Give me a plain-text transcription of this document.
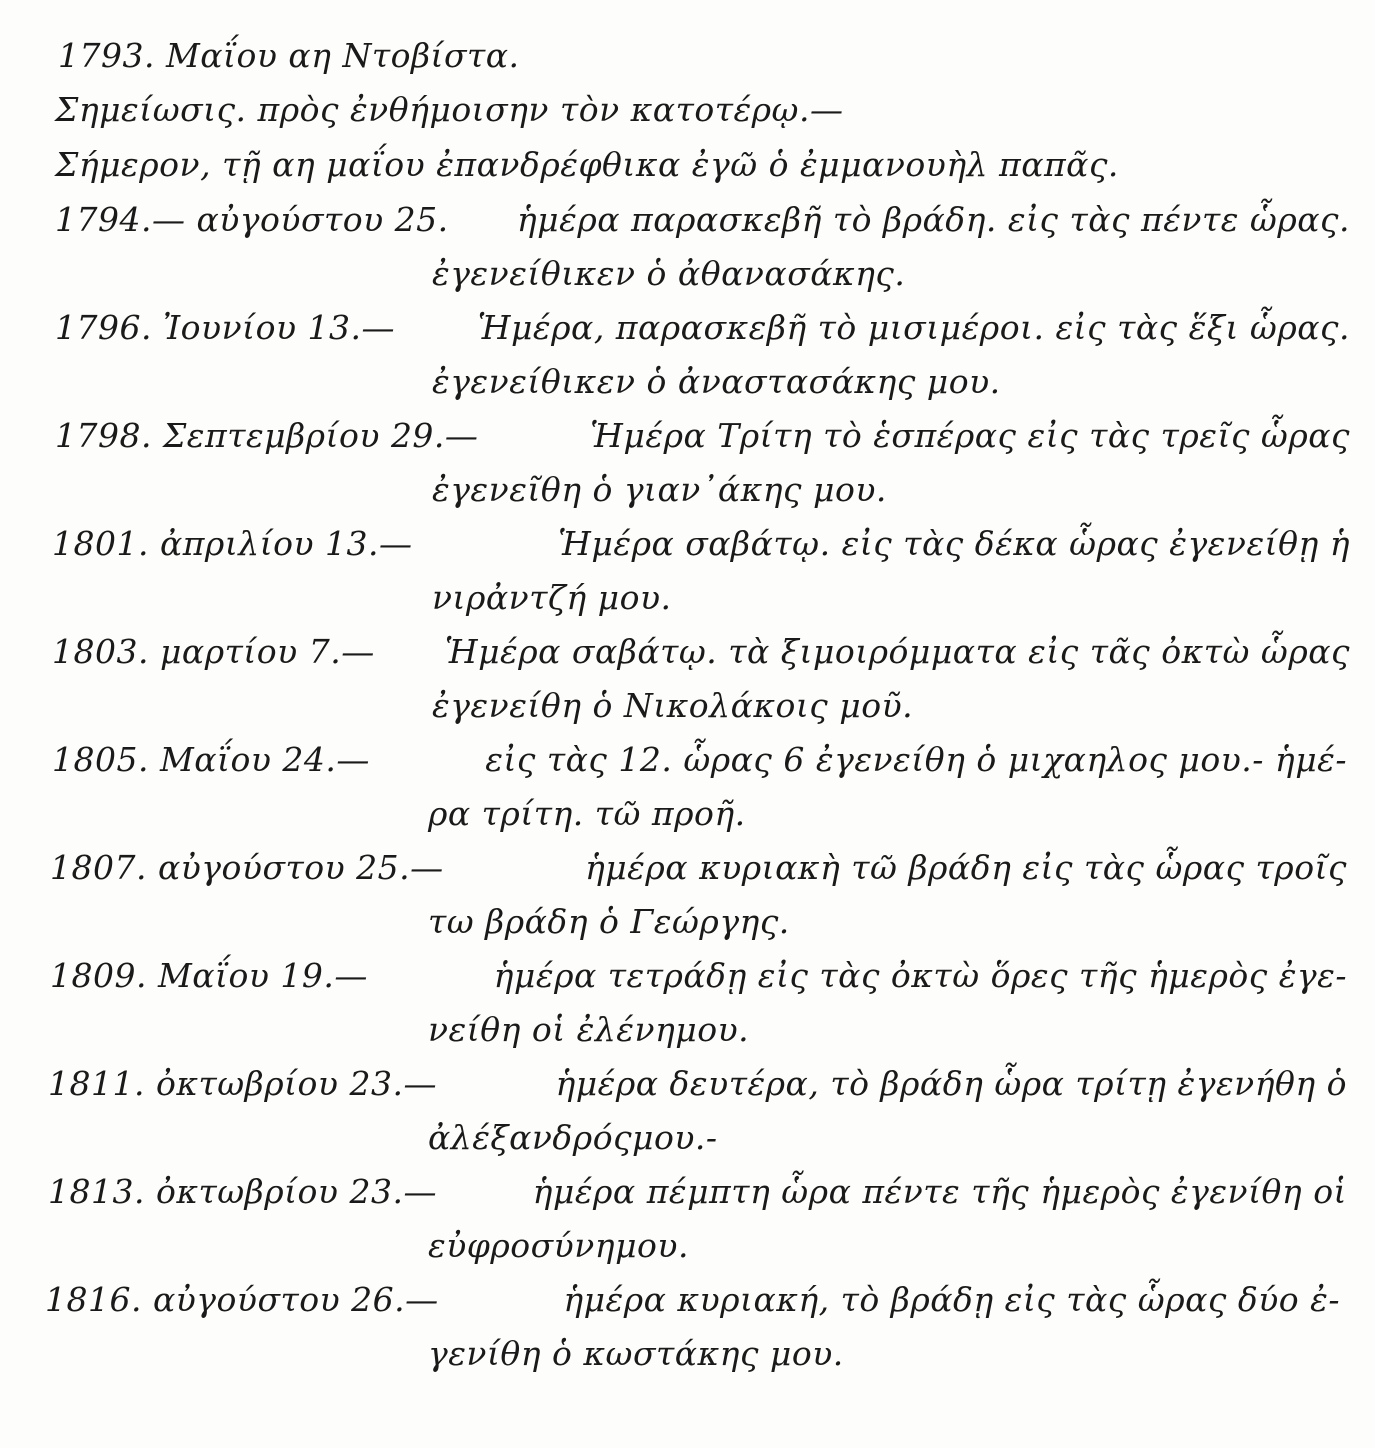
1793. Μαΐου αη Ντοβίστα.
Σημείωσις. πρὸς ἐνθήμοισην τὸν κατοτέρῳ.—
Σήμερον, τῇ αη μαΐου ἐπανδρέφθικα ἐγῶ ὁ ἐμμανουὴλ παπᾶς.
1794.— αὐγούστου 25. ἡμέρα παρασκεβῆ τὸ βράδη. εἰς τὰς πέντε ὧρας.
ἐγενείθικεν ὁ ἀθανασάκης.
1796. Ἰουνίου 13.—	Ἡμέρα, παρασκεβῆ τὸ μισιμέροι. εἰς τὰς ἕξι ὧρας.
ἐγενείθικεν ὁ ἀναστασάκης μου.
1798. Σεπτεμβρίου 29.—	Ἡμέρα Τρίτη τὸ ἑσπέρας εἰς τὰς τρεῖς ὧρας
ἐγενεῖθη ὁ γιαν᾽άκης μου.
1801. ἀπριλίου 13.—	Ἡμέρα σαβάτῳ. εἰς τὰς δέκα ὧρας ἐγενείθῃ ἡ
νιρἀντζή μου.
1803. μαρτίου 7.— Ἡμέρα σαβάτῳ. τὰ ξιμοιρόμματα εἰς τᾶς ὀκτὼ ὧρας
ἐγενείθη ὁ Νικολάκοις μοῦ.
1805. Μαΐου 24.—	εἰς τὰς 12. ὧρας 6 ἐγενείθη ὁ μιχαηλος μου.- ἡμέ-
ρα τρίτη. τῶ προῆ.
1807. αὐγούστου 25.—	ἡμέρα κυριακὴ τῶ βράδη εἰς τὰς ὧρας τροῖς
τω βράδη ὁ Γεώργης.
1809. Μαΐου 19.—	ἡμέρα τετράδῃ εἰς τὰς ὀκτὼ ὅρες τῆς ἡμερὸς ἐγε-
νείθη οἱ ἐλένημου.
1811. ὀκτωβρίου 23.—	ἡμέρα δευτέρα, τὸ βράδη ὧρα τρίτῃ ἐγενήθη ὁ
ἀλέξανδρόςμου.-
1813. ὀκτωβρίου 23.—	ἡμέρα πέμπτη ὧρα πέντε τῆς ἡμερὸς ἐγενίθη οἱ
εὐφροσύνημου.
1816. αὐγούστου 26.—	ἡμέρα κυριακή, τὸ βράδῃ εἰς τὰς ὧρας δύο ἐ-
γενίθη ὁ κωστάκης μου.
